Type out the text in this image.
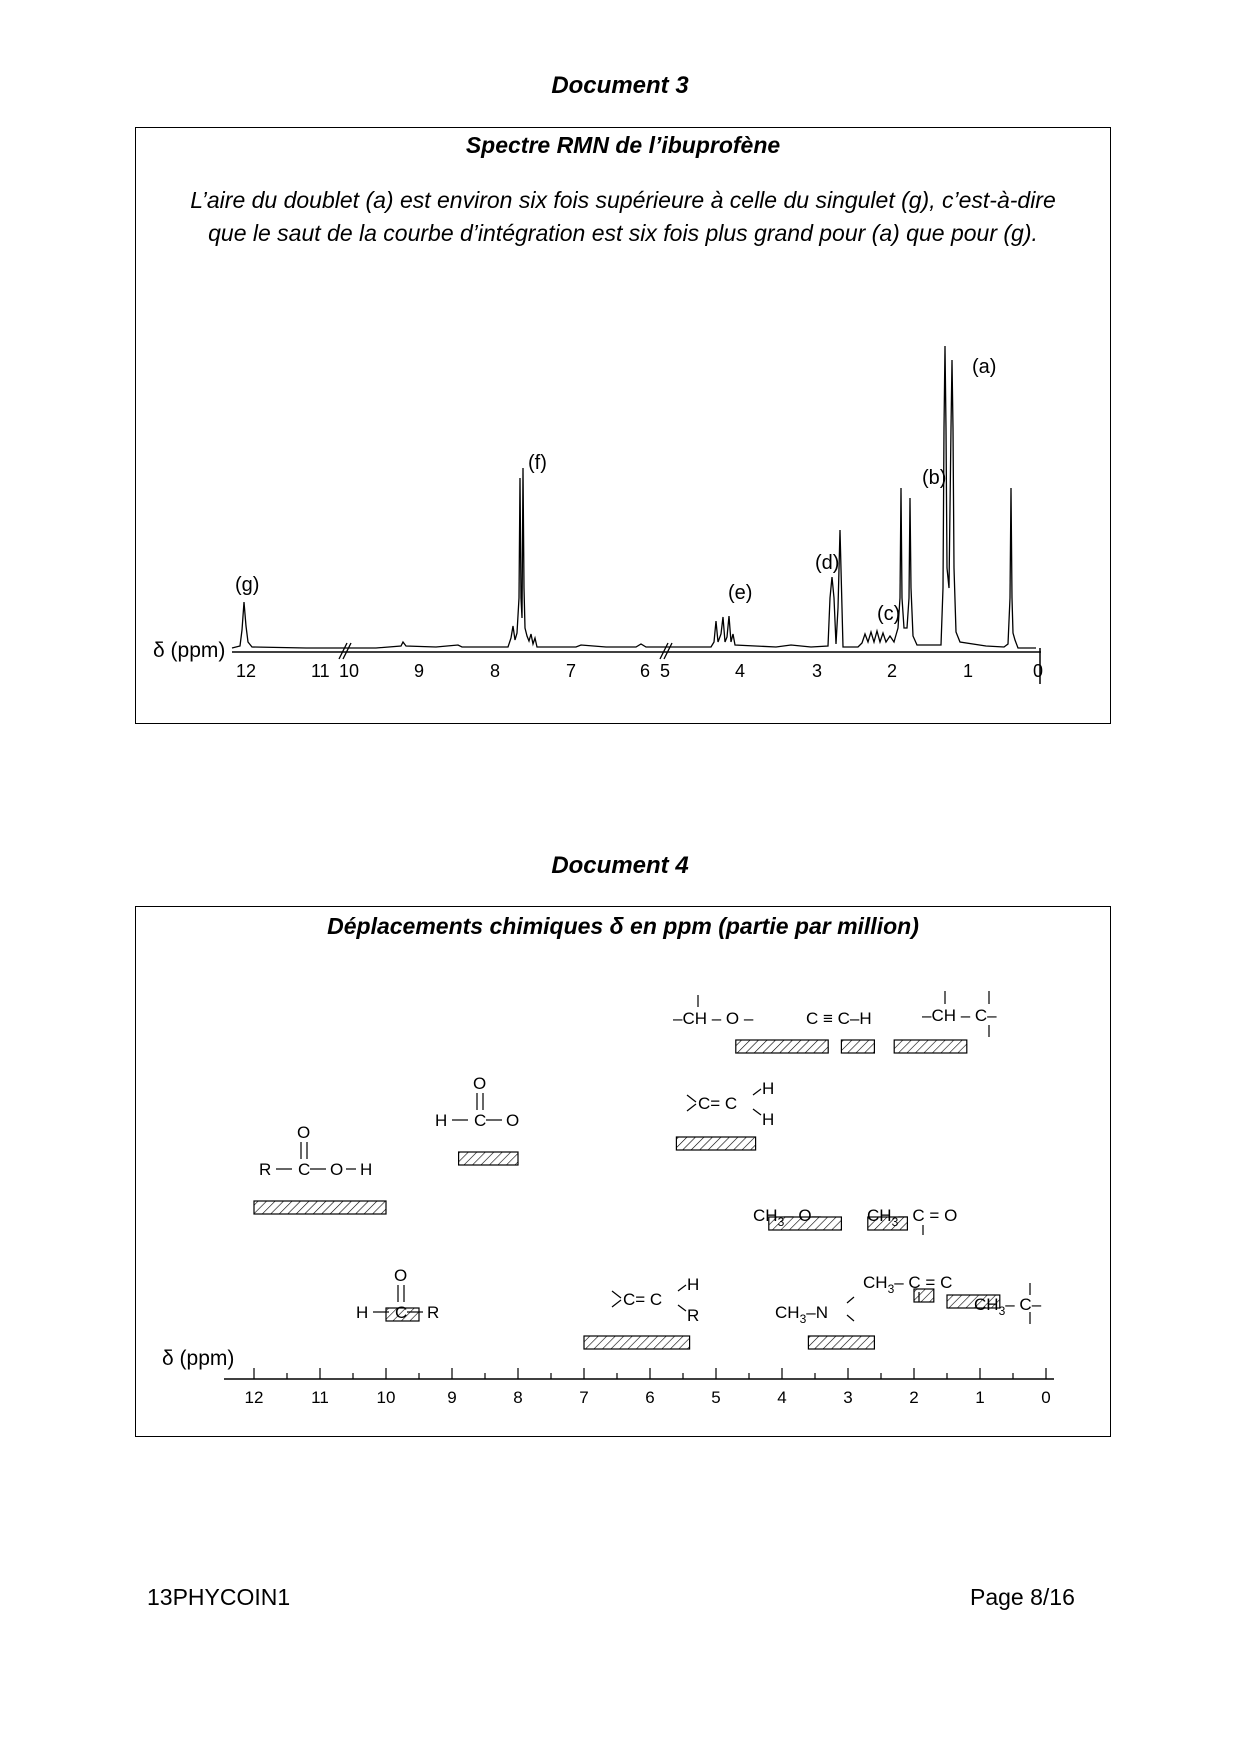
Document 3
Spectre RMN de l’ibuprofène
L’aire du doublet (a) est environ six fois supérieure à celle du singulet (g), c’est-à-dire
que le saut de la courbe d’intégration est six fois plus grand pour (a) que pour (g).
δ (ppm)
12	11 10	9	8	7	6 5	4	3	2	1	0
(g)
(f)
(e)
(d)
(c)
(b)
(a)
Document 4
Déplacements chimiques δ en ppm (partie par million)
δ (ppm)
12	11	10	9	8	7	6	5	4	3	2	1	0
–CH – O –	C ≡ C–H	–CH – C–
C= C
H
H
H C O
O
R C O H
O
$CH_3-$ O–	$CH_3-$ C = O
H C R
O
C= C
H
R	$CH_3-N$
$CH_3-$ C = C
$CH_3-$ C–
13PHYCOIN1	Page 8/16
